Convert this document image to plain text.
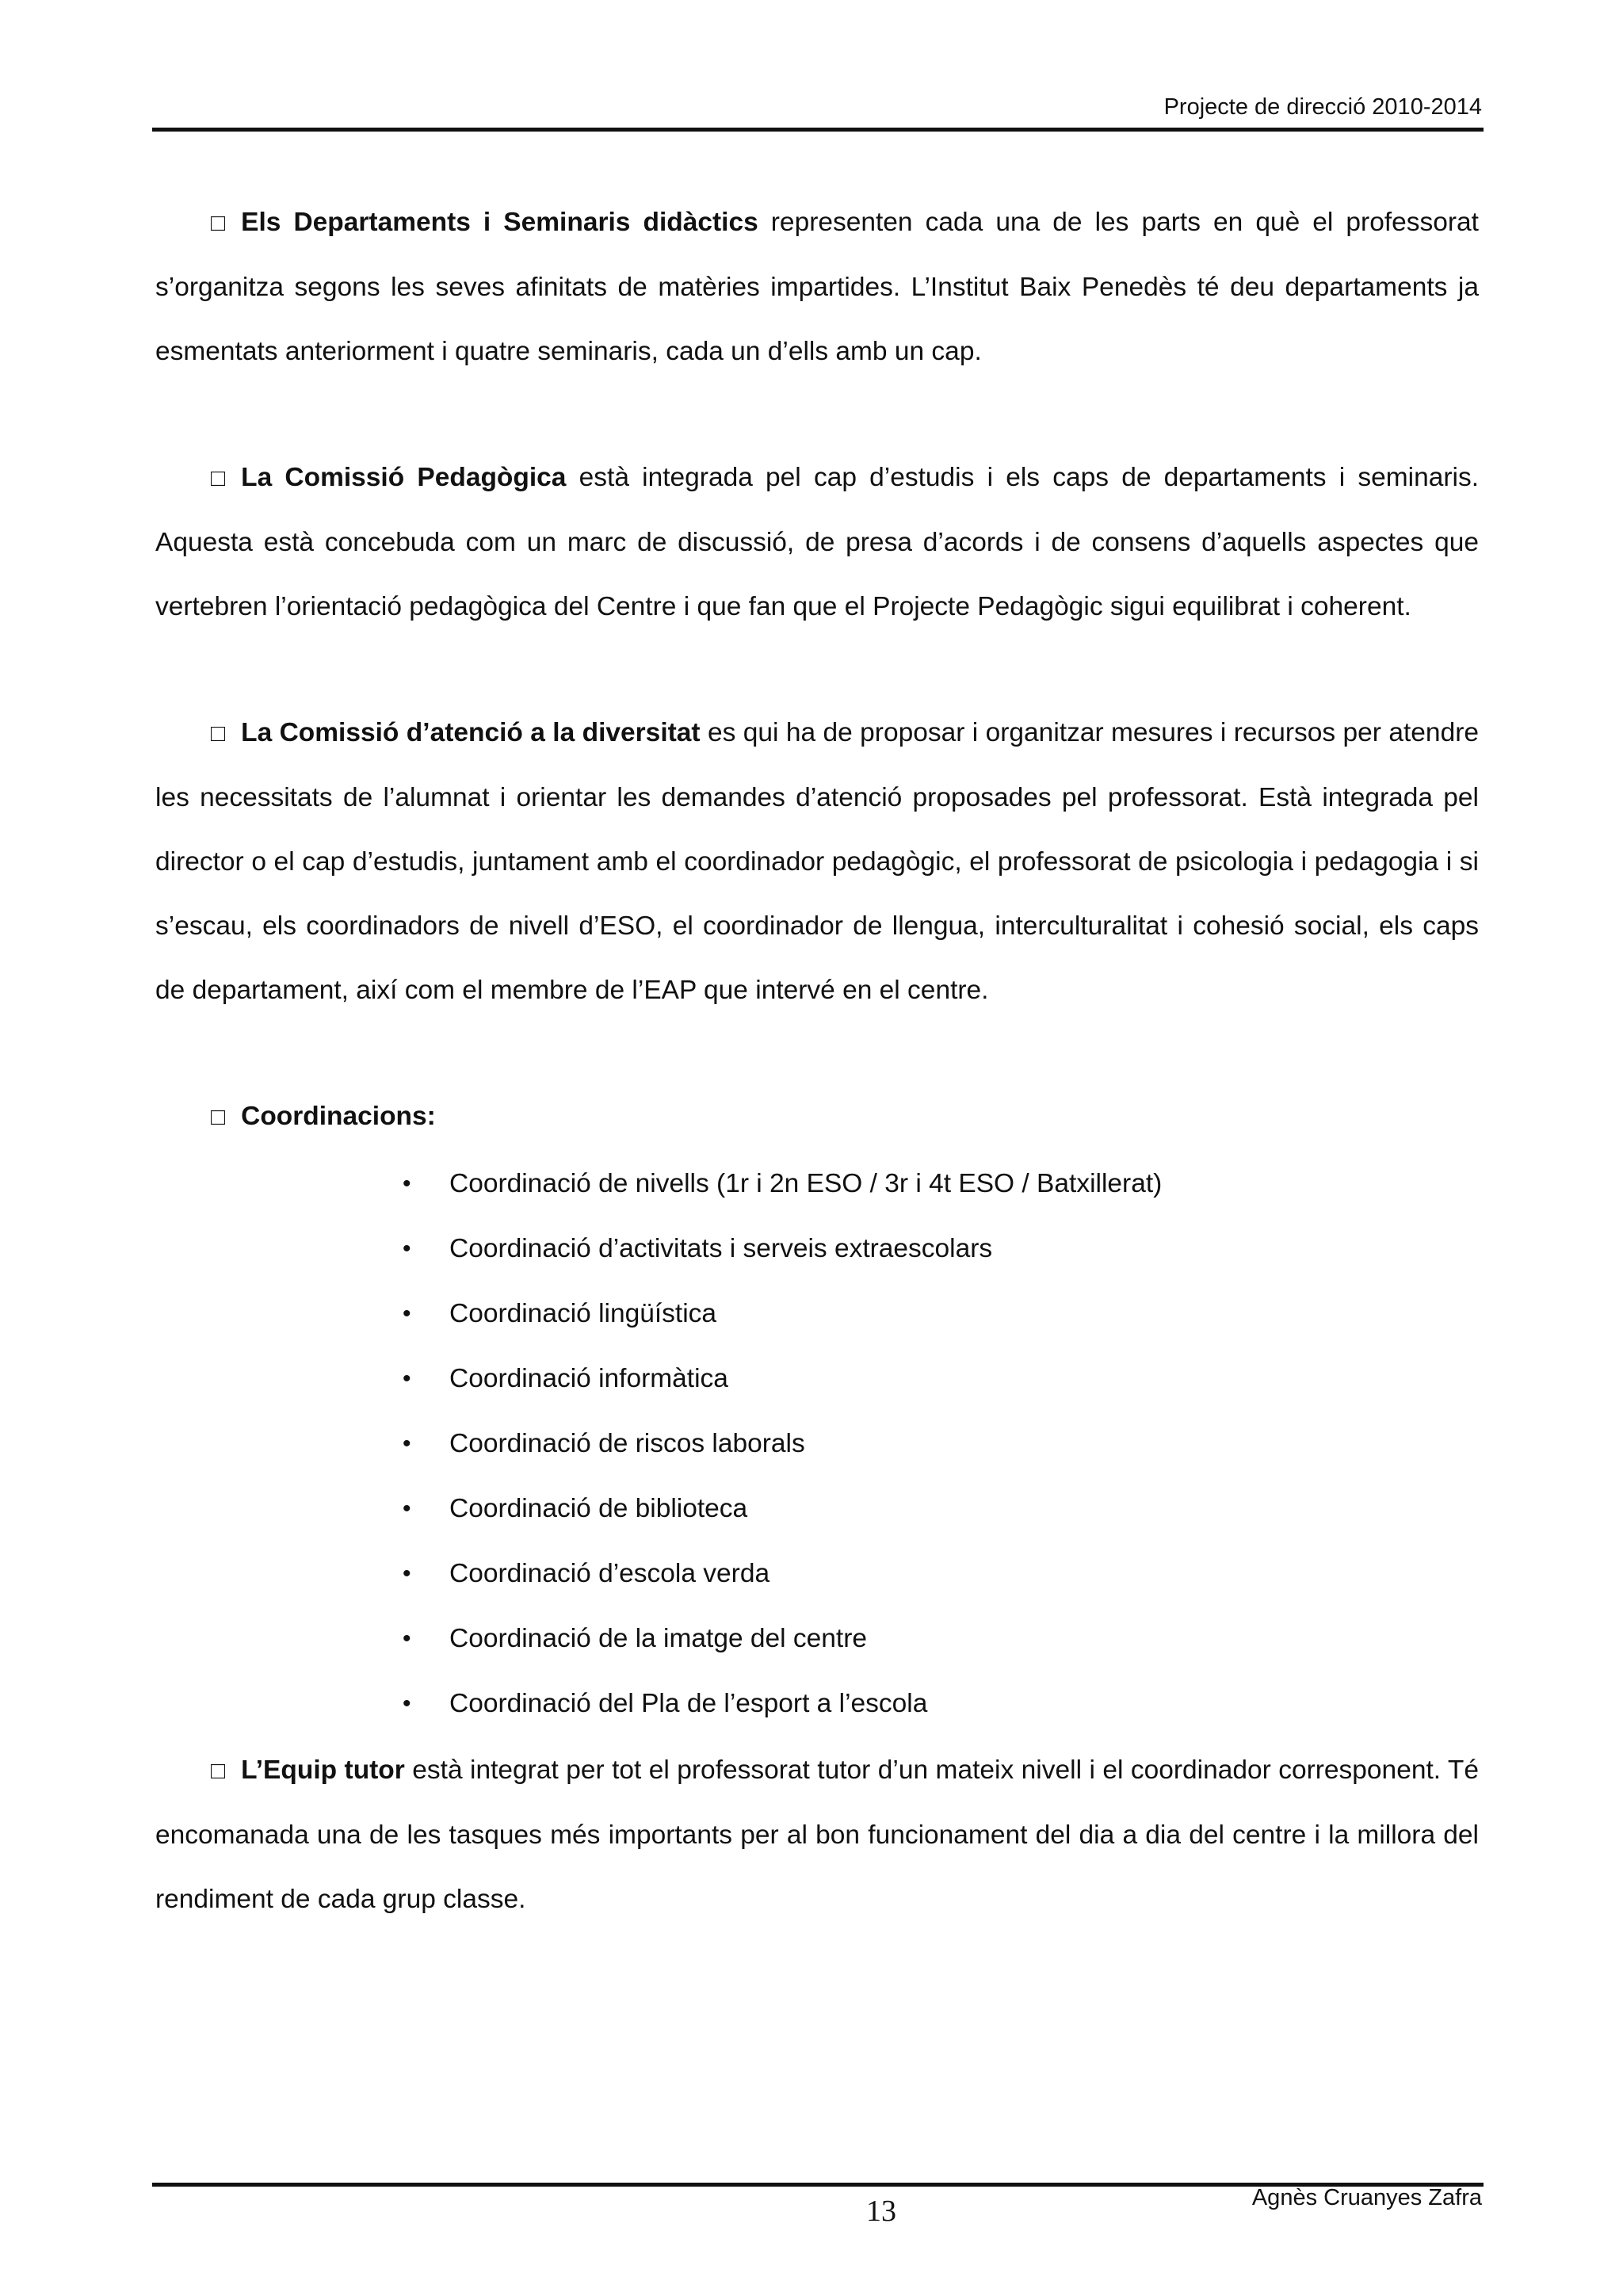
Projecte de direcció 2010-2014

□ Els Departaments i Seminaris didàctics representen cada una de les parts en què el professorat s’organitza segons les seves afinitats de matèries impartides. L’Institut Baix Penedès té deu departaments ja esmentats anteriorment i quatre seminaris, cada un d’ells amb un cap.

□ La Comissió Pedagògica està integrada pel cap d’estudis i els caps de departaments i seminaris. Aquesta està concebuda com un marc de discussió, de presa d’acords i de consens d’aquells aspectes que vertebren l’orientació pedagògica del Centre i que fan que el Projecte Pedagògic sigui equilibrat i coherent.

□ La Comissió d’atenció a la diversitat es qui ha de proposar i organitzar mesures i recursos per atendre les necessitats de l’alumnat i orientar les demandes d’atenció proposades pel professorat. Està integrada pel director o el cap d’estudis, juntament amb el coordinador pedagògic, el professorat de psicologia i pedagogia i si s’escau, els coordinadors de nivell d’ESO, el coordinador de llengua, interculturalitat i cohesió social, els caps de departament, així com el membre de l’EAP que intervé en el centre.

□ Coordinacions:

• Coordinació de nivells (1r i 2n ESO / 3r i 4t ESO / Batxillerat)
• Coordinació d’activitats i serveis extraescolars
• Coordinació lingüística
• Coordinació informàtica
• Coordinació de riscos laborals
• Coordinació de biblioteca
• Coordinació d’escola verda
• Coordinació de la imatge del centre
• Coordinació del Pla de l’esport a l’escola

□ L’Equip tutor està integrat per tot el professorat tutor d’un mateix nivell i el coordinador corresponent. Té encomanada una de les tasques més importants per al bon funcionament del dia a dia del centre i la millora del rendiment de cada grup classe.

13	Agnès Cruanyes Zafra
